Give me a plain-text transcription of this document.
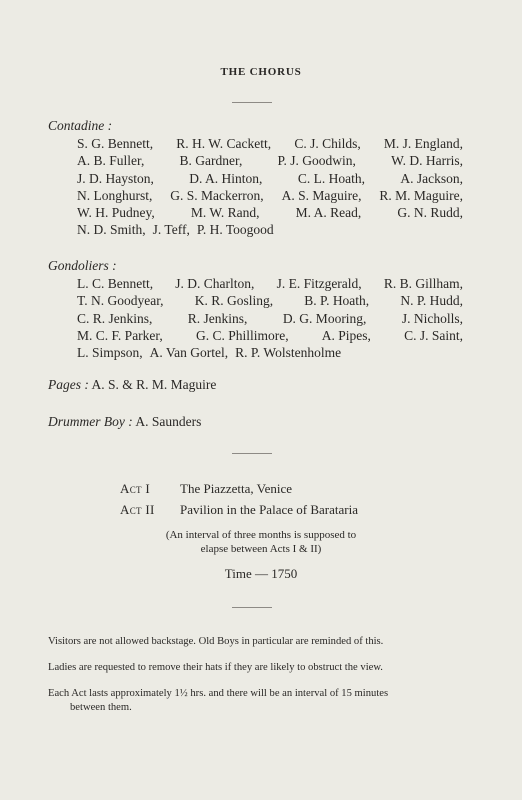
THE CHORUS
Contadine :
S. G. Bennett, R. H. W. Cackett, C. J. Childs, M. J. England,
A. B. Fuller,	B. Gardner,	P. J. Goodwin,	W. D. Harris,
J. D. Hayston,	D. A. Hinton,	C. L. Hoath,	A. Jackson,
N. Longhurst, G. S. Mackerron, A. S. Maguire, R. M. Maguire,
W. H. Pudney,	M. W. Rand,	M. A. Read,	G. N. Rudd,
N. D. Smith, J. Teff, P. H. Toogood
Gondoliers :
L. C. Bennett, J. D. Charlton, J. E. Fitzgerald, R. B. Gillham,
T. N. Goodyear, K. R. Gosling, B. P. Hoath, N. P. Hudd,
C. R. Jenkins,	R. Jenkins,	D. G. Mooring,	J. Nicholls,
M. C. F. Parker, G. C. Phillimore, A. Pipes, C. J. Saint,
L. Simpson, A. Van Gortel, R. P. Wolstenholme
Pages : A. S. & R. M. Maguire
Drummer Boy : A. Saunders
Act I	The Piazzetta, Venice
Act II	Pavilion in the Palace of Barataria
(An interval of three months is supposed to
elapse between Acts I & II)
Time — 1750
Visitors are not allowed backstage. Old Boys in particular are reminded of this.
Ladies are requested to remove their hats if they are likely to obstruct the view.
Each Act lasts approximately 1½ hrs. and there will be an interval of 15 minutes
between them.
